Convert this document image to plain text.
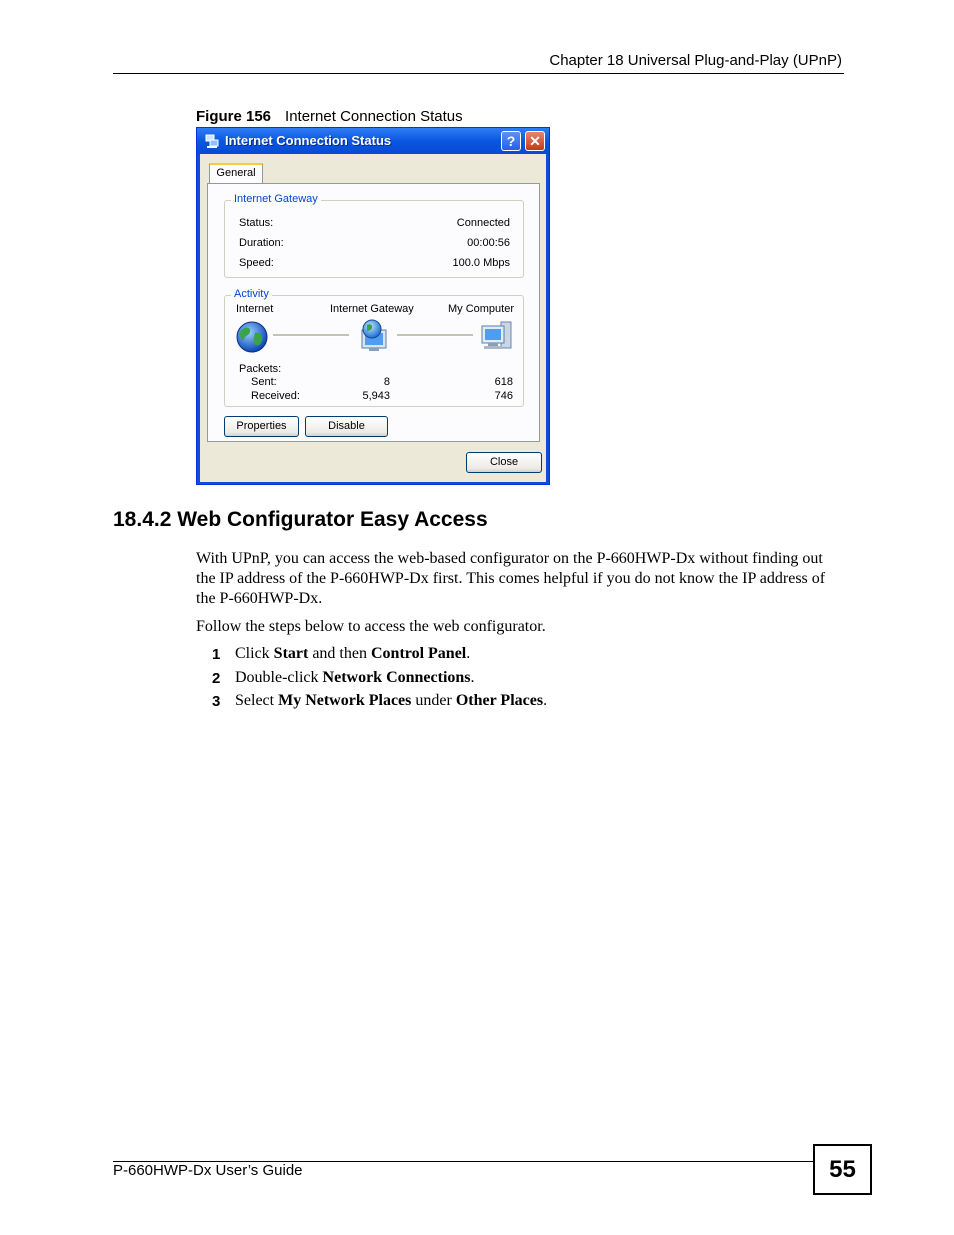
Chapter 18 Universal Plug-and-Play (UPnP)
Figure 156 Internet Connection Status
Internet Connection Status	? ✕
General
Internet Gateway
Status:	Connected
Duration:	00:00:56
Speed:	100.0 Mbps
Activity
Internet	Internet Gateway	My Computer
Packets:
Sent:	8	618
Received:	5,943	746
Properties	Disable
Close
18.4.2 Web Configurator Easy Access
With UPnP, you can access the web-based configurator on the P-660HWP-Dx without finding out the IP address of the P-660HWP-Dx first. This comes helpful if you do not know the IP address of the P-660HWP-Dx.
Follow the steps below to access the web configurator.
1 Click Start and then Control Panel.
2 Double-click Network Connections.
3 Select My Network Places under Other Places.
P-660HWP-Dx User’s Guide	55
